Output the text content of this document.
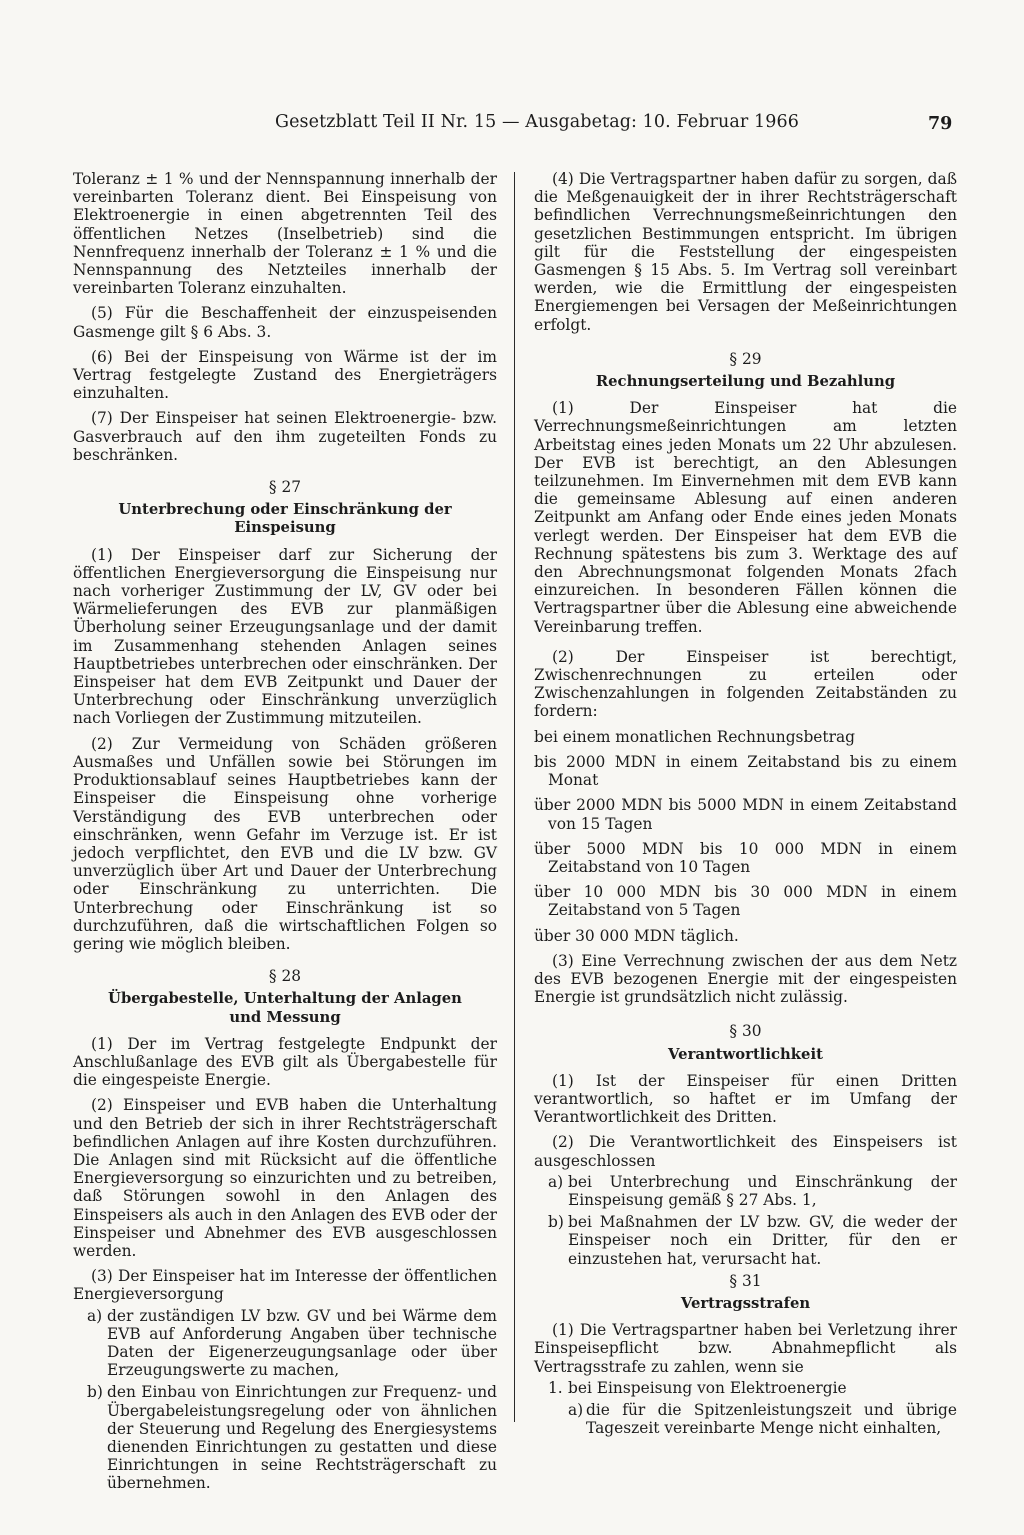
Gesetzblatt Teil II Nr. 15 — Ausgabetag: 10. Februar 1966	79

Toleranz ± 1 % und der Nennspannung innerhalb der vereinbarten Toleranz dient. Bei Einspeisung von Elektroenergie in einen abgetrennten Teil des öffentlichen Netzes (Inselbetrieb) sind die Nennfrequenz innerhalb der Toleranz ± 1 % und die Nennspannung des Netzteiles innerhalb der vereinbarten Toleranz einzuhalten.

(5) Für die Beschaffenheit der einzuspeisenden Gasmenge gilt § 6 Abs. 3.

(6) Bei der Einspeisung von Wärme ist der im Vertrag festgelegte Zustand des Energieträgers einzuhalten.

(7) Der Einspeiser hat seinen Elektroenergie- bzw. Gasverbrauch auf den ihm zugeteilten Fonds zu beschränken.

§ 27
Unterbrechung oder Einschränkung der Einspeisung

(1) Der Einspeiser darf zur Sicherung der öffentlichen Energieversorgung die Einspeisung nur nach vorheriger Zustimmung der LV, GV oder bei Wärmelieferungen des EVB zur planmäßigen Überholung seiner Erzeugungsanlage und der damit im Zusammenhang stehenden Anlagen seines Hauptbetriebes unterbrechen oder einschränken. Der Einspeiser hat dem EVB Zeitpunkt und Dauer der Unterbrechung oder Einschränkung unverzüglich nach Vorliegen der Zustimmung mitzuteilen.

(2) Zur Vermeidung von Schäden größeren Ausmaßes und Unfällen sowie bei Störungen im Produktionsablauf seines Hauptbetriebes kann der Einspeiser die Einspeisung ohne vorherige Verständigung des EVB unterbrechen oder einschränken, wenn Gefahr im Verzuge ist. Er ist jedoch verpflichtet, den EVB und die LV bzw. GV unverzüglich über Art und Dauer der Unterbrechung oder Einschränkung zu unterrichten. Die Unterbrechung oder Einschränkung ist so durchzuführen, daß die wirtschaftlichen Folgen so gering wie möglich bleiben.

§ 28
Übergabestelle, Unterhaltung der Anlagen
und Messung

(1) Der im Vertrag festgelegte Endpunkt der Anschlußanlage des EVB gilt als Übergabestelle für die eingespeiste Energie.

(2) Einspeiser und EVB haben die Unterhaltung und den Betrieb der sich in ihrer Rechtsträgerschaft befindlichen Anlagen auf ihre Kosten durchzuführen. Die Anlagen sind mit Rücksicht auf die öffentliche Energieversorgung so einzurichten und zu betreiben, daß Störungen sowohl in den Anlagen des Einspeisers als auch in den Anlagen des EVB oder der Einspeiser und Abnehmer des EVB ausgeschlossen werden.

(3) Der Einspeiser hat im Interesse der öffentlichen Energieversorgung

a) der zuständigen LV bzw. GV und bei Wärme dem EVB auf Anforderung Angaben über technische Daten der Eigenerzeugungsanlage oder über Erzeugungswerte zu machen,
b) den Einbau von Einrichtungen zur Frequenz- und Übergabeleistungsregelung oder von ähnlichen der Steuerung und Regelung des Energiesystems dienenden Einrichtungen zu gestatten und diese Einrichtungen in seine Rechtsträgerschaft zu übernehmen.

(4) Die Vertragspartner haben dafür zu sorgen, daß die Meßgenauigkeit der in ihrer Rechtsträgerschaft befindlichen Verrechnungsmeßeinrichtungen den gesetzlichen Bestimmungen entspricht. Im übrigen gilt für die Feststellung der eingespeisten Gasmengen § 15 Abs. 5. Im Vertrag soll vereinbart werden, wie die Ermittlung der eingespeisten Energiemengen bei Versagen der Meßeinrichtungen erfolgt.

§ 29
Rechnungserteilung und Bezahlung

(1) Der Einspeiser hat die Verrechnungsmeßeinrichtungen am letzten Arbeitstag eines jeden Monats um 22 Uhr abzulesen. Der EVB ist berechtigt, an den Ablesungen teilzunehmen. Im Einvernehmen mit dem EVB kann die gemeinsame Ablesung auf einen anderen Zeitpunkt am Anfang oder Ende eines jeden Monats verlegt werden. Der Einspeiser hat dem EVB die Rechnung spätestens bis zum 3. Werktage des auf den Abrechnungsmonat folgenden Monats 2fach einzureichen. In besonderen Fällen können die Vertragspartner über die Ablesung eine abweichende Vereinbarung treffen.

(2) Der Einspeiser ist berechtigt, Zwischenrechnungen zu erteilen oder Zwischenzahlungen in folgenden Zeitabständen zu fordern:

bei einem monatlichen Rechnungsbetrag

bis 2000 MDN in einem Zeitabstand bis zu einem Monat

über 2000 MDN bis 5000 MDN in einem Zeitabstand von 15 Tagen

über 5000 MDN bis 10 000 MDN in einem Zeitabstand von 10 Tagen

über 10 000 MDN bis 30 000 MDN in einem Zeitabstand von 5 Tagen

über 30 000 MDN täglich.

(3) Eine Verrechnung zwischen der aus dem Netz des EVB bezogenen Energie mit der eingespeisten Energie ist grundsätzlich nicht zulässig.

§ 30
Verantwortlichkeit

(1) Ist der Einspeiser für einen Dritten verantwortlich, so haftet er im Umfang der Verantwortlichkeit des Dritten.

(2) Die Verantwortlichkeit des Einspeisers ist ausgeschlossen

a) bei Unterbrechung und Einschränkung der Einspeisung gemäß § 27 Abs. 1,
b) bei Maßnahmen der LV bzw. GV, die weder der Einspeiser noch ein Dritter, für den er einzustehen hat, verursacht hat.
§ 31
Vertragsstrafen

(1) Die Vertragspartner haben bei Verletzung ihrer Einspeisepflicht bzw. Abnahmepflicht als Vertragsstrafe zu zahlen, wenn sie

1. bei Einspeisung von Elektroenergie
a) die für die Spitzenleistungszeit und übrige Tageszeit vereinbarte Menge nicht einhalten,
